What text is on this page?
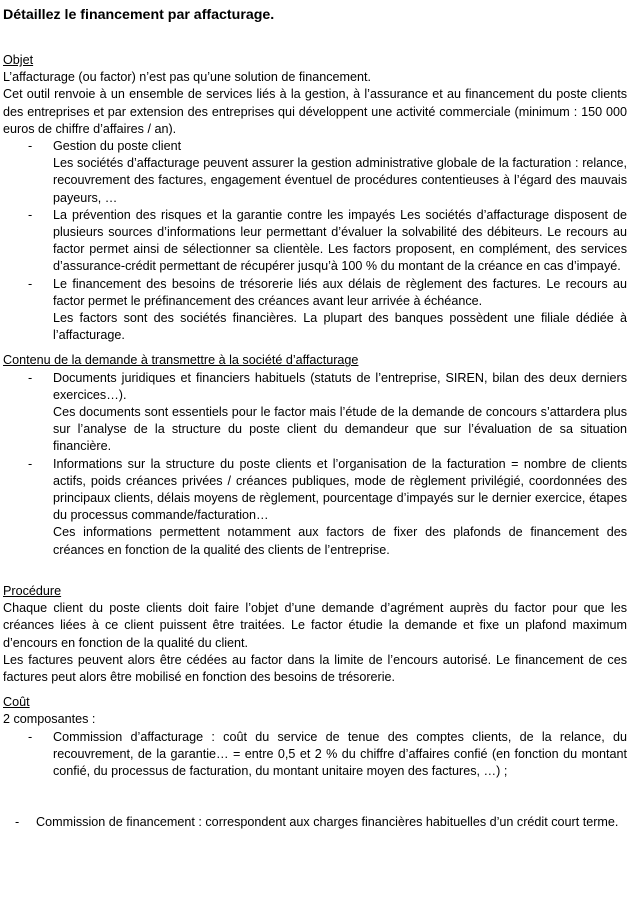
Détaillez le financement par affacturage.
Objet

L’affacturage (ou factor) n’est pas qu’une solution de financement.

Cet outil renvoie à un ensemble de services liés à la gestion, à l’assurance et au financement du poste clients des entreprises et par extension des entreprises qui développent une activité commerciale (minimum : 150 000 euros de chiffre d’affaires / an).

- Gestion du poste client
Les sociétés d’affacturage peuvent assurer la gestion administrative globale de la facturation : relance, recouvrement des factures, engagement éventuel de procédures contentieuses à l’égard des mauvais payeurs, …
- La prévention des risques et la garantie contre les impayés Les sociétés d’affacturage disposent de plusieurs sources d’informations leur permettant d’évaluer la solvabilité des débiteurs. Le recours au factor permet ainsi de sélectionner sa clientèle. Les factors proposent, en complément, des services d’assurance-crédit permettant de récupérer jusqu’à 100 % du montant de la créance en cas d’impayé.
- Le financement des besoins de trésorerie liés aux délais de règlement des factures. Le recours au factor permet le préfinancement des créances avant leur arrivée à échéance.
Les factors sont des sociétés financières. La plupart des banques possèdent une filiale dédiée à l’affacturage.
Contenu de la demande à transmettre à la société d’affacturage
- Documents juridiques et financiers habituels (statuts de l’entreprise, SIREN, bilan des deux derniers exercices…).
Ces documents sont essentiels pour le factor mais l’étude de la demande de concours s’attardera plus sur l’analyse de la structure du poste client du demandeur que sur l’évaluation de sa situation financière.
- Informations sur la structure du poste clients et l’organisation de la facturation = nombre de clients actifs, poids créances privées / créances publiques, mode de règlement privilégié, coordonnées des principaux clients, délais moyens de règlement, pourcentage d’impayés sur le dernier exercice, étapes du processus commande/facturation…
Ces informations permettent notamment aux factors de fixer des plafonds de financement des créances en fonction de la qualité des clients de l’entreprise.
Procédure

Chaque client du poste clients doit faire l’objet d’une demande d’agrément auprès du factor pour que les créances liées à ce client puissent être traitées. Le factor étudie la demande et fixe un plafond maximum d’encours en fonction de la qualité du client.

Les factures peuvent alors être cédées au factor dans la limite de l’encours autorisé. Le financement de ces factures peut alors être mobilisé en fonction des besoins de trésorerie.

Coût

2 composantes :

- Commission d’affacturage : coût du service de tenue des comptes clients, de la relance, du recouvrement, de la garantie… = entre 0,5 et 2 % du chiffre d’affaires confié (en fonction du montant confié, du processus de facturation, du montant unitaire moyen des factures, …) ;
- Commission de financement : correspondent aux charges financières habituelles d’un crédit court terme.
